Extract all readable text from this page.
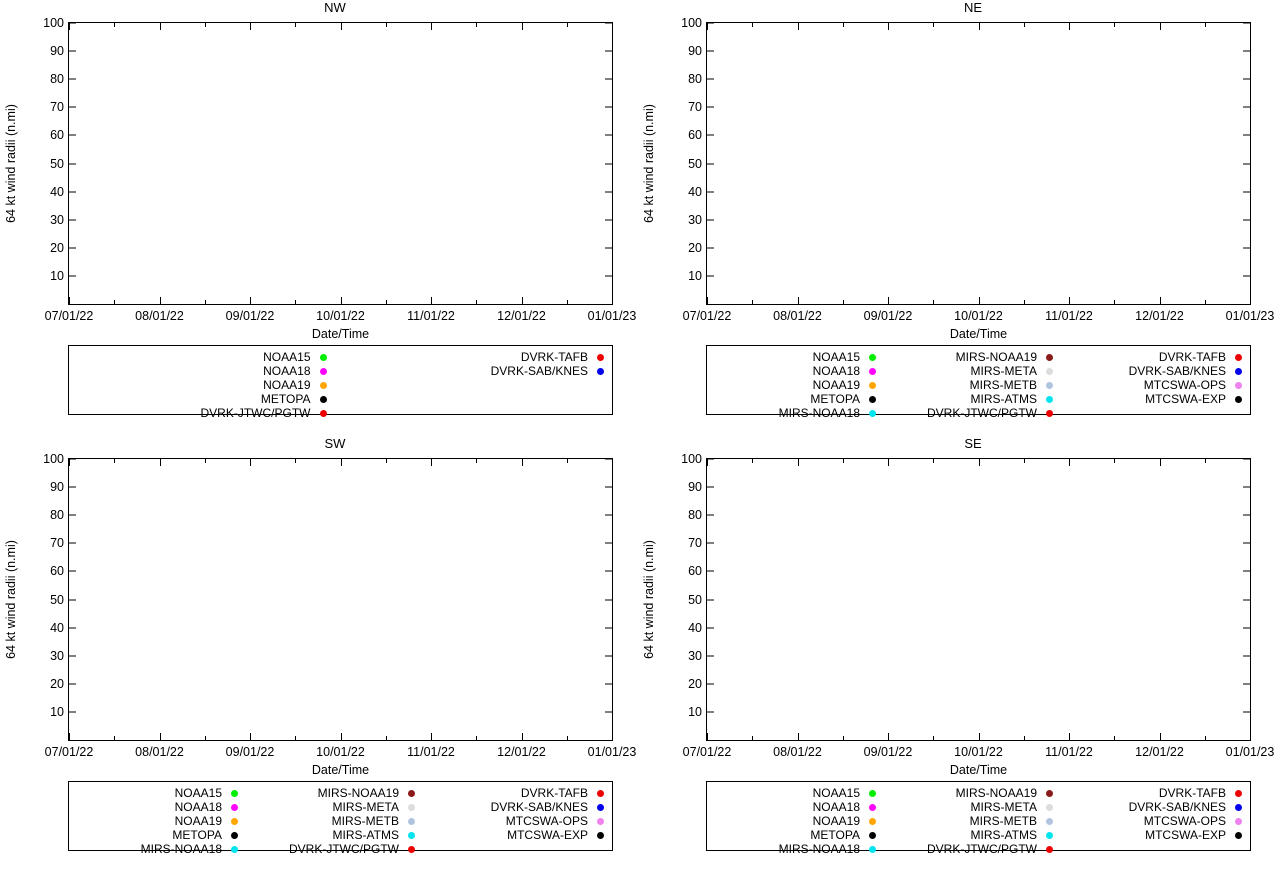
NW
64 kt wind radii (n.mi)
10
20
30
40
50
60
70
80
90
100
07/01/22	08/01/22	09/01/22	10/01/22	11/01/22	12/01/22	01/01/23
Date/Time
NOAA15	DVRK-TAFB
NOAA18	DVRK-SAB/KNES
NOAA19
METOPA
DVRK-JTWC/PGTW
NE
64 kt wind radii (n.mi)
10
20
30
40
50
60
70
80
90
100
07/01/22	08/01/22	09/01/22	10/01/22	11/01/22	12/01/22	01/01/23
Date/Time
NOAA15	MIRS-NOAA19	DVRK-TAFB
NOAA18	MIRS-META	DVRK-SAB/KNES
NOAA19	MIRS-METB	MTCSWA-OPS
METOPA	MIRS-ATMS	MTCSWA-EXP
MIRS-NOAA18	DVRK-JTWC/PGTW
SW
64 kt wind radii (n.mi)
10
20
30
40
50
60
70
80
90
100
07/01/22	08/01/22	09/01/22	10/01/22	11/01/22	12/01/22	01/01/23
Date/Time
NOAA15	MIRS-NOAA19	DVRK-TAFB
NOAA18	MIRS-META	DVRK-SAB/KNES
NOAA19	MIRS-METB	MTCSWA-OPS
METOPA	MIRS-ATMS	MTCSWA-EXP
MIRS-NOAA18	DVRK-JTWC/PGTW
SE
64 kt wind radii (n.mi)
10
20
30
40
50
60
70
80
90
100
07/01/22	08/01/22	09/01/22	10/01/22	11/01/22	12/01/22	01/01/23
Date/Time
NOAA15	MIRS-NOAA19	DVRK-TAFB
NOAA18	MIRS-META	DVRK-SAB/KNES
NOAA19	MIRS-METB	MTCSWA-OPS
METOPA	MIRS-ATMS	MTCSWA-EXP
MIRS-NOAA18	DVRK-JTWC/PGTW
